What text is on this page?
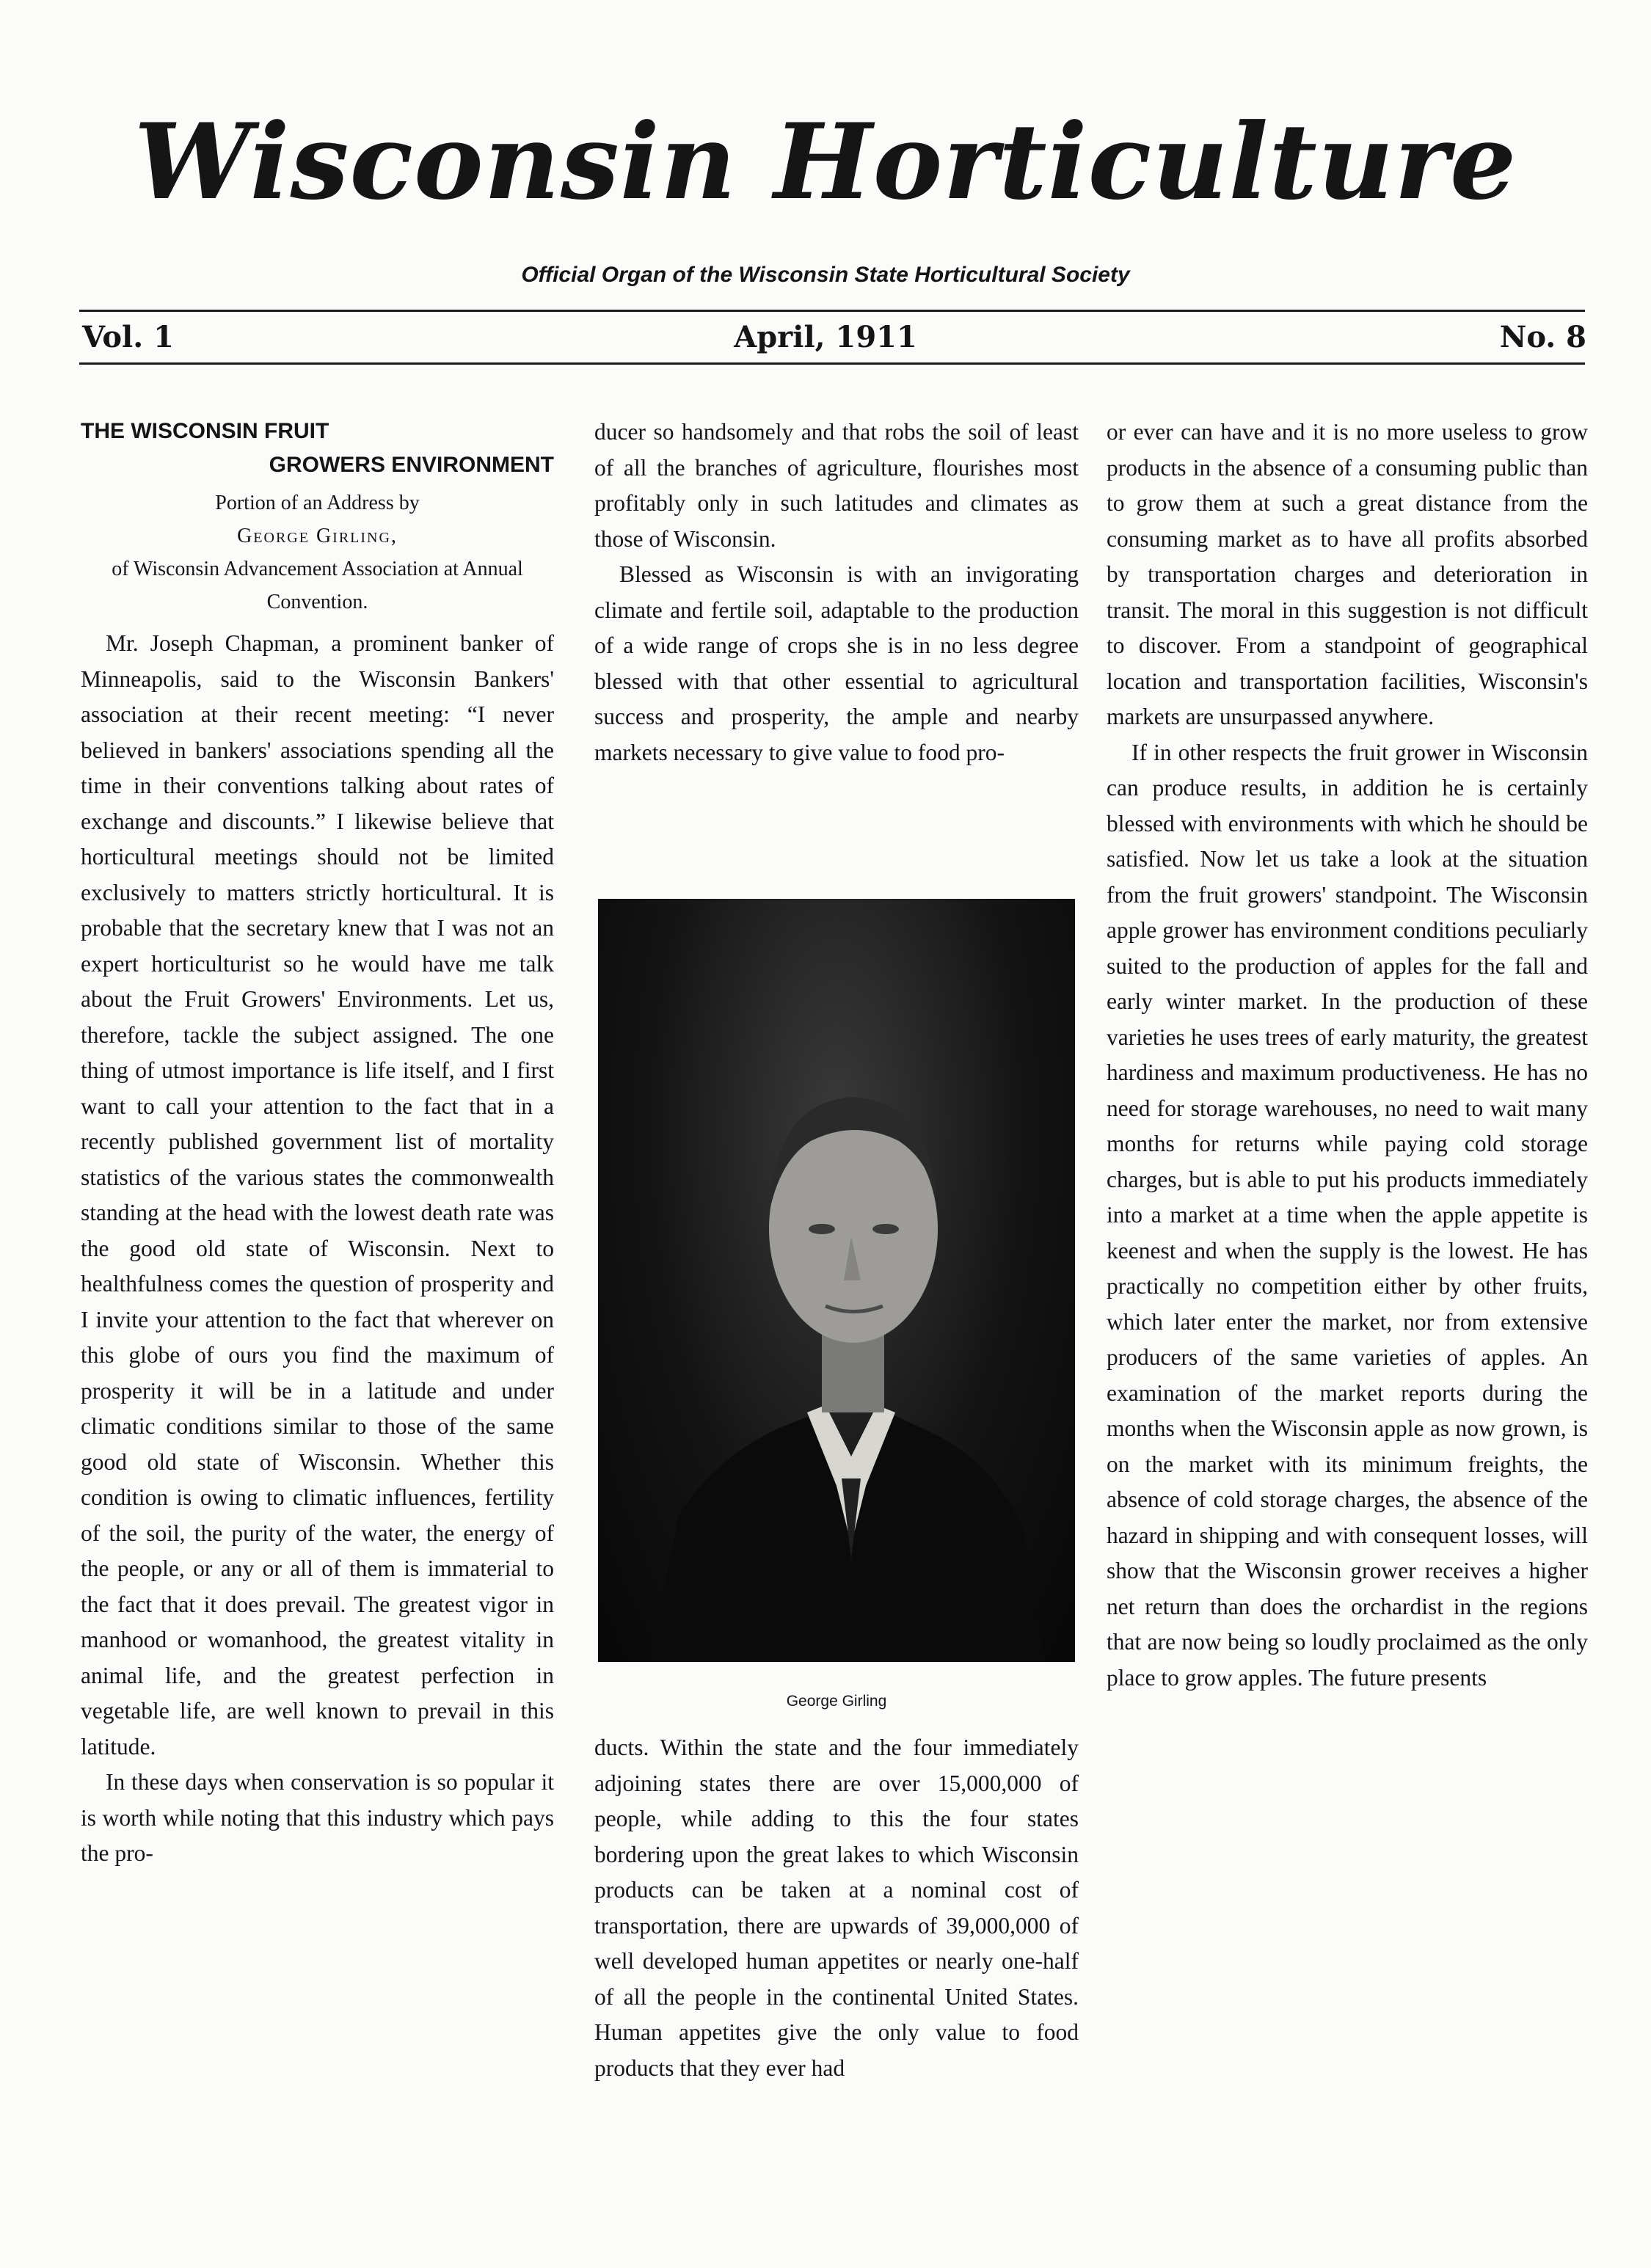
Wisconsin Horticulture
Official Organ of the Wisconsin State Horticultural Society
Vol. 1	April, 1911	No. 8
THE WISCONSIN FRUIT
GROWERS ENVIRONMENT
Portion of an Address by
George Girling,
of Wisconsin Advancement Association at Annual Convention.

Mr. Joseph Chapman, a prominent banker of Minneapolis, said to the Wisconsin Bankers' association at their recent meeting: “I never believed in bankers' associations spending all the time in their conventions talking about rates of exchange and discounts.” I likewise believe that horticultural meetings should not be limited exclusively to matters strictly horticultural. It is probable that the secretary knew that I was not an expert horticulturist so he would have me talk about the Fruit Growers' Environments. Let us, therefore, tackle the subject assigned. The one thing of utmost importance is life itself, and I first want to call your attention to the fact that in a recently published government list of mortality statistics of the various states the commonwealth standing at the head with the lowest death rate was the good old state of Wisconsin. Next to healthfulness comes the question of prosperity and I invite your attention to the fact that wherever on this globe of ours you find the maximum of prosperity it will be in a latitude and under climatic conditions similar to those of the same good old state of Wisconsin. Whether this condition is owing to climatic influences, fertility of the soil, the purity of the water, the energy of the people, or any or all of them is immaterial to the fact that it does prevail. The greatest vigor in manhood or womanhood, the greatest vitality in animal life, and the greatest perfection in vegetable life, are well known to prevail in this latitude.

In these days when conservation is so popular it is worth while noting that this industry which pays the pro-

ducer so handsomely and that robs the soil of least of all the branches of agriculture, flourishes most profitably only in such latitudes and climates as those of Wisconsin.

Blessed as Wisconsin is with an invigorating climate and fertile soil, adaptable to the production of a wide range of crops she is in no less degree blessed with that other essential to agricultural success and prosperity, the ample and nearby markets necessary to give value to food pro-

George Girling

ducts. Within the state and the four immediately adjoining states there are over 15,000,000 of people, while adding to this the four states bordering upon the great lakes to which Wisconsin products can be taken at a nominal cost of transportation, there are upwards of 39,000,000 of well developed human appetites or nearly one-half of all the people in the continental United States. Human appetites give the only value to food products that they ever had

or ever can have and it is no more useless to grow products in the absence of a consuming public than to grow them at such a great distance from the consuming market as to have all profits absorbed by transportation charges and deterioration in transit. The moral in this suggestion is not difficult to discover. From a standpoint of geographical location and transportation facilities, Wisconsin's markets are unsurpassed anywhere.

If in other respects the fruit grower in Wisconsin can produce results, in addition he is certainly blessed with environments with which he should be satisfied. Now let us take a look at the situation from the fruit growers' standpoint. The Wisconsin apple grower has environment conditions peculiarly suited to the production of apples for the fall and early winter market. In the production of these varieties he uses trees of early maturity, the greatest hardiness and maximum productiveness. He has no need for storage warehouses, no need to wait many months for returns while paying cold storage charges, but is able to put his products immediately into a market at a time when the apple appetite is keenest and when the supply is the lowest. He has practically no competition either by other fruits, which later enter the market, nor from extensive producers of the same varieties of apples. An examination of the market reports during the months when the Wisconsin apple as now grown, is on the market with its minimum freights, the absence of cold storage charges, the absence of the hazard in shipping and with consequent losses, will show that the Wisconsin grower receives a higher net return than does the orchardist in the regions that are now being so loudly proclaimed as the only place to grow apples. The future presents
